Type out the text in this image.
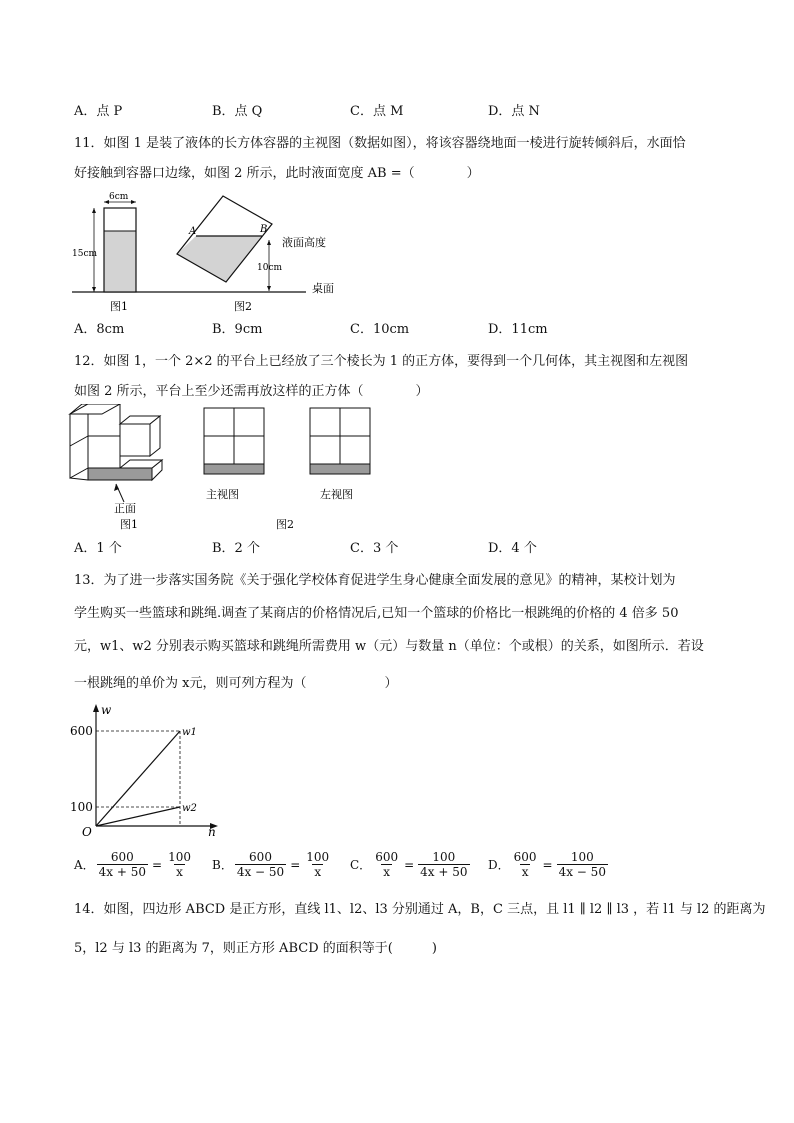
A．点 P	B．点 Q	C．点 M	D．点 N
11．如图 1 是装了液体的长方体容器的主视图（数据如图），将该容器绕地面一棱进行旋转倾斜后，水面恰
好接触到容器口边缘，如图 2 所示，此时液面宽度 AB =（　　　　）
6cm
15cm
图1
A	B
10cm
液面高度
桌面
图2
A．8cm	B．9cm	C．10cm	D．11cm
12．如图 1，一个 2×2 的平台上已经放了三个棱长为 1 的正方体，要得到一个几何体，其主视图和左视图
如图 2 所示，平台上至少还需再放这样的正方体（　　　　）
正面
图1
主视图	左视图
图2
A．1 个	B．2 个	C．3 个	D．4 个
13．为了进一步落实国务院《关于强化学校体育促进学生身心健康全面发展的意见》的精神，某校计划为
学生购买一些篮球和跳绳.调查了某商店的价格情况后,已知一个篮球的价格比一根跳绳的价格的 4 倍多 50
元，w1、w2 分别表示购买篮球和跳绳所需费用 w（元）与数量 n（单位：个或根）的关系，如图所示．若设
一根跳绳的单价为 x元，则可列方程为（　　　　　　）
w
n
O
600
100
w1
w2
A． $\frac{600}{4x + 50} = \frac{100}{x}$ B． $\frac{600}{4x - 50} = \frac{100}{x}$ C． $\frac{600}{x} = \frac{100}{4x + 50}$ D． $\frac{600}{x} = \frac{100}{4x - 50}$
14．如图，四边形 ABCD 是正方形，直线 l1、l2、l3 分别通过 A，B，C 三点，且 l1 ∥ l2 ∥ l3 ，若 l1 与 l2 的距离为
5，l2 与 l3 的距离为 7，则正方形 ABCD 的面积等于(　　　)
